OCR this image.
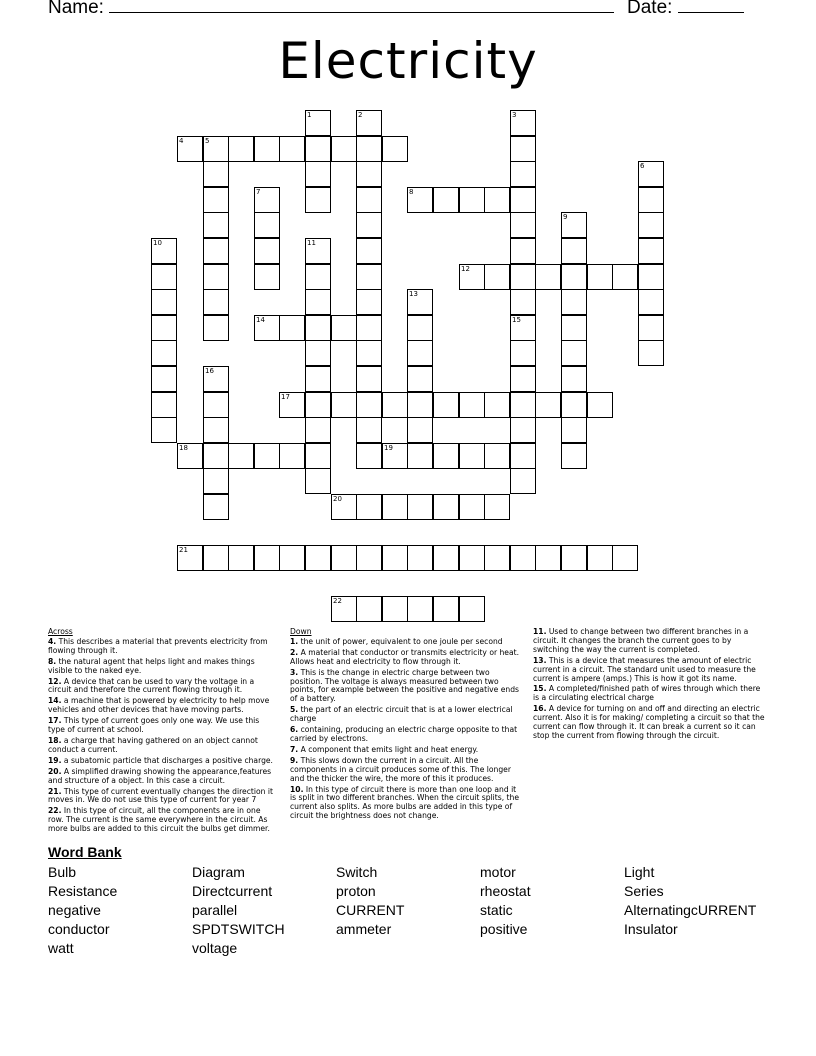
Name:	Date:
Electricity
1	2	3
15
4	5
6
7	8
9
10	11
12
13
14
16
17
18	19
20
21
22
Across
4. This describes a material that prevents electricity from flowing through it.
8. the natural agent that helps light and makes things visible to the naked eye.
12. A device that can be used to vary the voltage in a circuit and therefore the current flowing through it.
14. a machine that is powered by electricity to help move vehicles and other devices that have moving parts.
17. This type of current goes only one way. We use this type of current at school.
18. a charge that having gathered on an object cannot conduct a current.
19. a subatomic particle that discharges a positive charge.
20. A simplified drawing showing the appearance,features and structure of a object. In this case a circuit.
21. This type of current eventually changes the direction it moves in. We do not use this type of current for year 7
22. In this type of circuit, all the components are in one row. The current is the same everywhere in the circuit. As more bulbs are added to this circuit the bulbs get dimmer.
Down
1. the unit of power, equivalent to one joule per second
2. A material that conductor or transmits electricity or heat. Allows heat and electricity to flow through it.
3. This is the change in electric charge between two position. The voltage is always measured between two points, for example between the positive and negative ends of a battery.
5. the part of an electric circuit that is at a lower electrical charge
6. containing, producing an electric charge opposite to that carried by electrons.
7. A component that emits light and heat energy.
9. This slows down the current in a circuit. All the components in a circuit produces some of this. The longer and the thicker the wire, the more of this it produces.
10. In this type of circuit there is more than one loop and it is split in two different branches. When the circuit splits, the current also splits. As more bulbs are added in this type of circuit the brightness does not change.
11. Used to change between two different branches in a circuit. It changes the branch the current goes to by switching the way the current is completed.
13. This is a device that measures the amount of electric current in a circuit. The standard unit used to measure the current is ampere (amps.) This is how it got its name.
15. A completed/finished path of wires through which there is a circulating electrical charge
16. A device for turning on and off and directing an electric current. Also it is for making/ completing a circuit so that the current can flow through it. It can break a current so it can stop the current from flowing through the circuit.
Word Bank
Bulb
Resistance
negative
conductor
watt
Diagram
Directcurrent
parallel
SPDTSWITCH
voltage
Switch
proton
CURRENT
ammeter
motor
rheostat
static
positive
Light
Series
AlternatingcURRENT
Insulator
